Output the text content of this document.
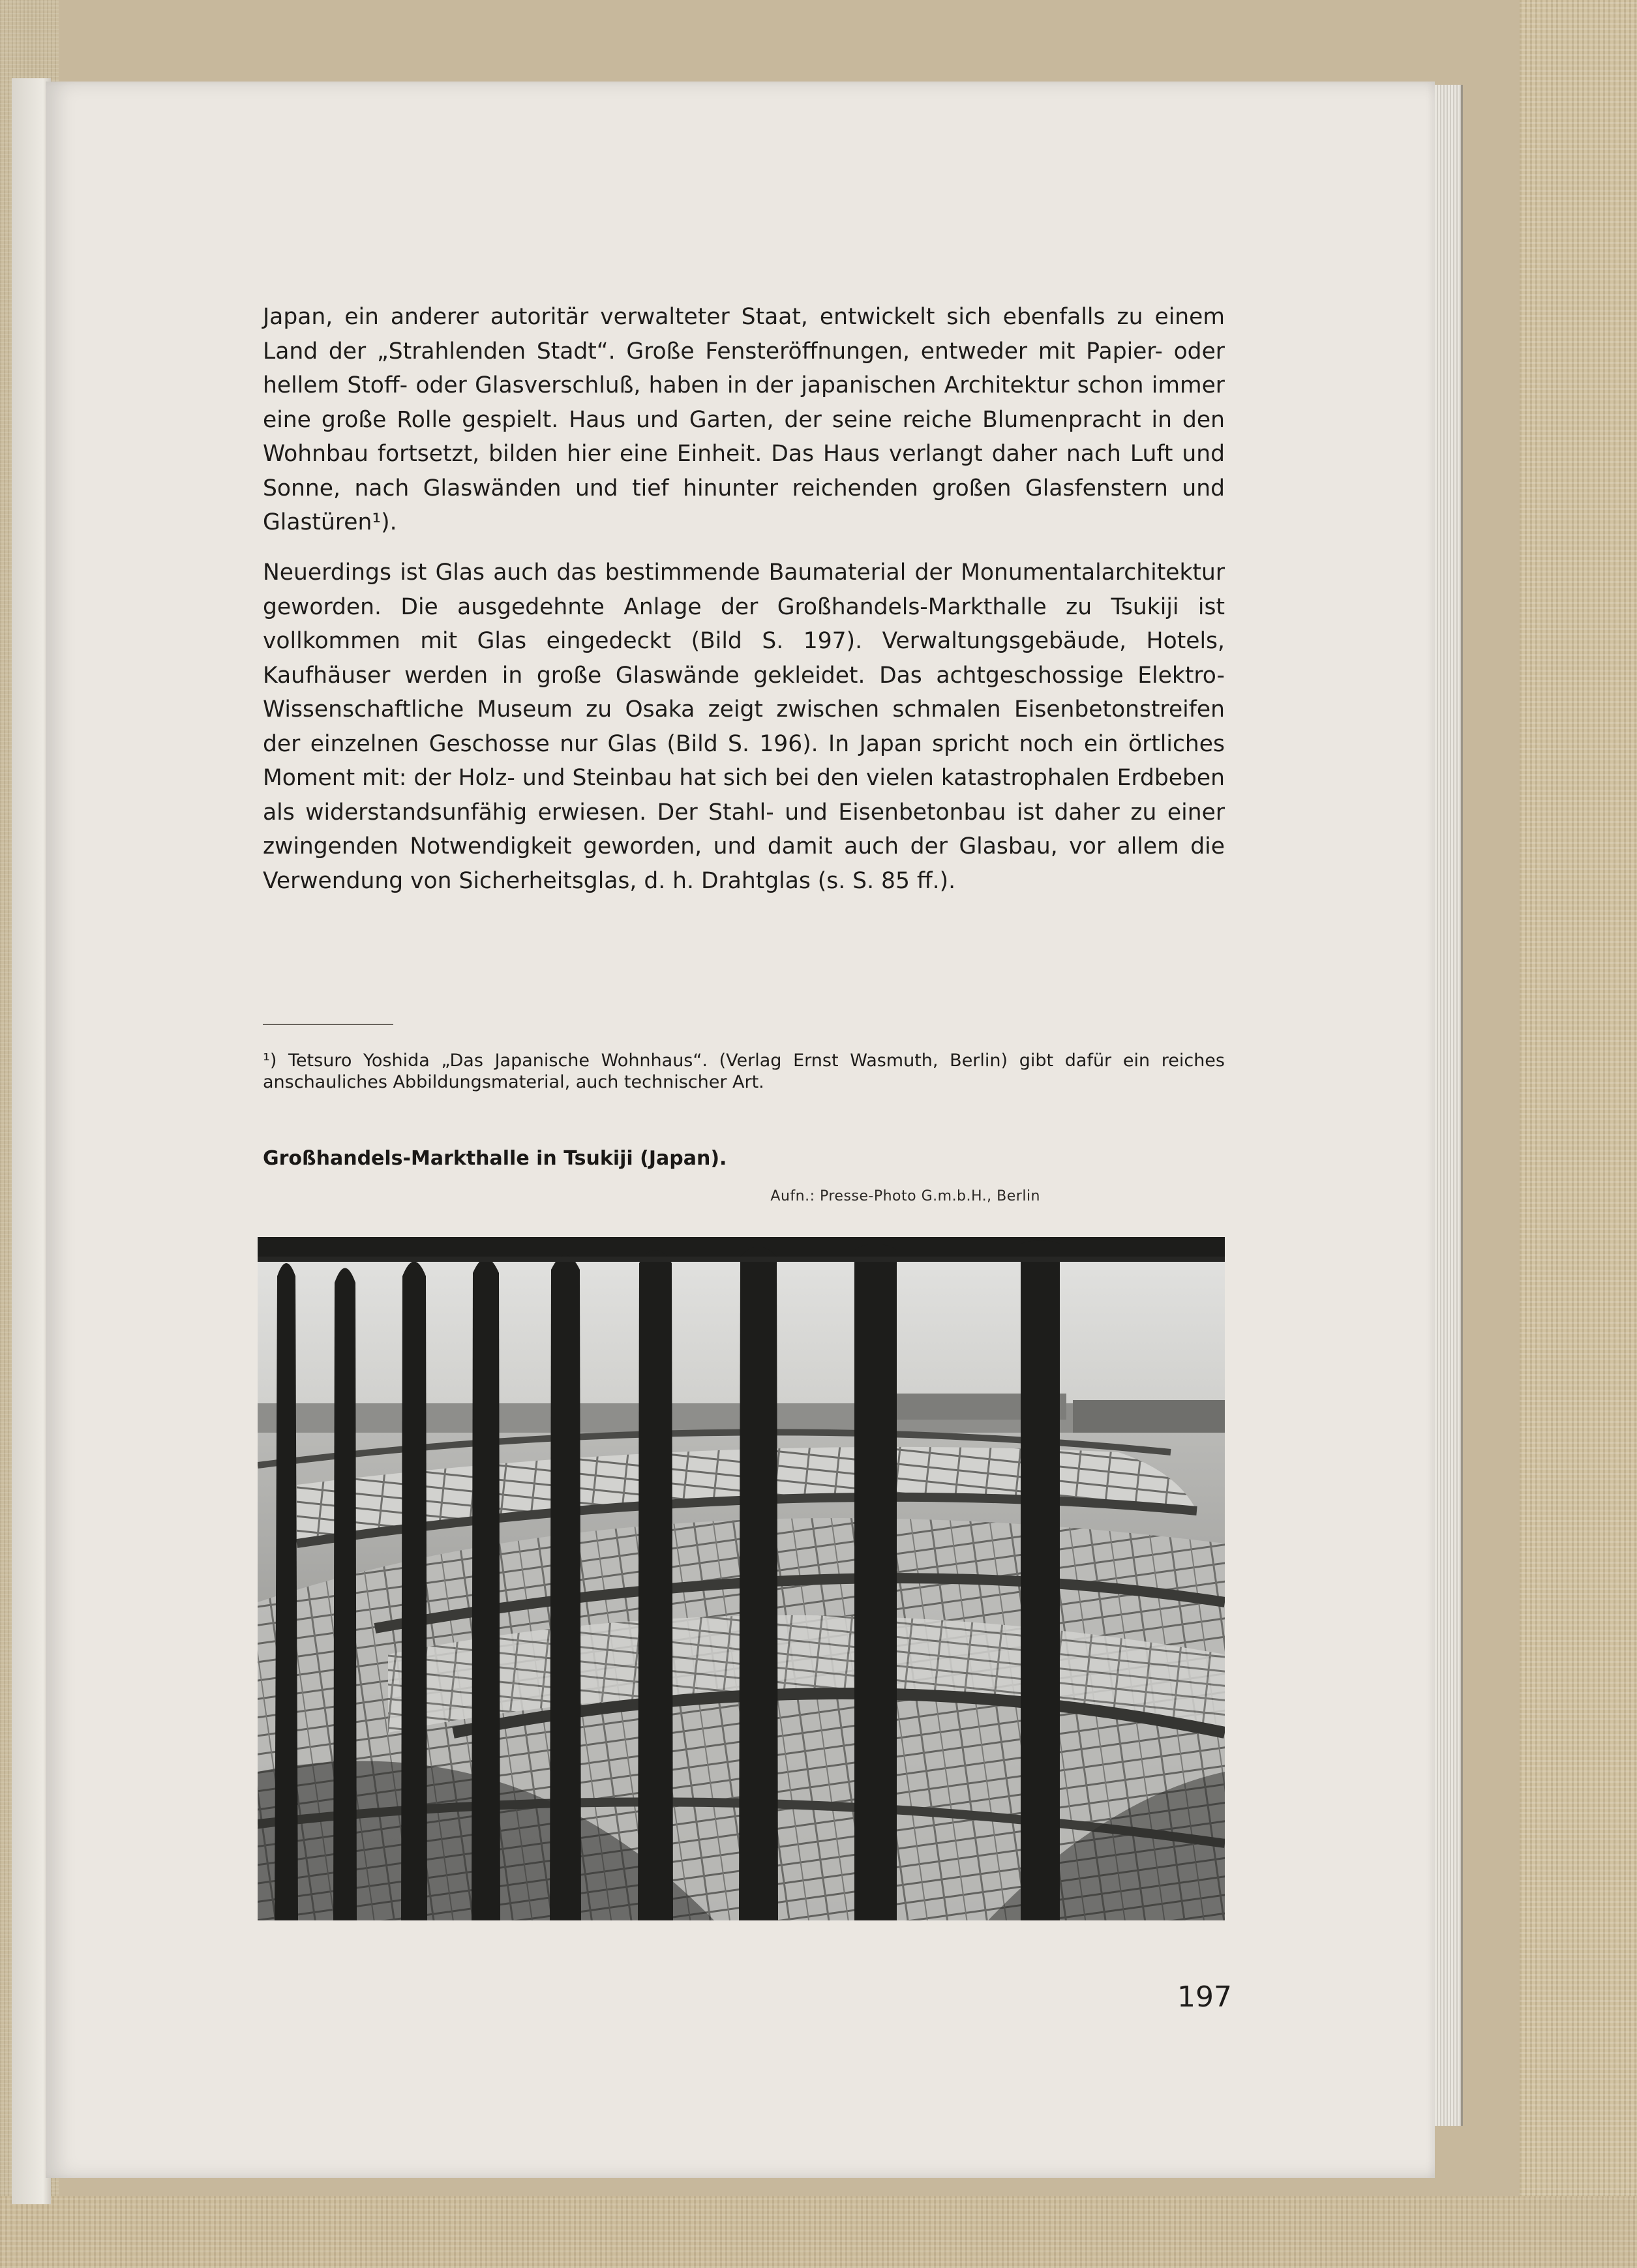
Japan, ein anderer autoritär verwalteter Staat, entwickelt sich ebenfalls zu einem Land der „Strahlenden Stadt“. Große Fensteröffnungen, entweder mit Papier- oder hellem Stoff- oder Glasverschluß, haben in der japanischen Architektur schon immer eine große Rolle gespielt. Haus und Garten, der seine reiche Blumenpracht in den Wohnbau fortsetzt, bilden hier eine Einheit. Das Haus verlangt daher nach Luft und Sonne, nach Glaswänden und tief hinunter reichenden großen Glasfenstern und Glastüren¹).

Neuerdings ist Glas auch das bestimmende Baumaterial der Monumentalarchitektur geworden. Die ausgedehnte Anlage der Großhandels-Markthalle zu Tsukiji ist vollkommen mit Glas eingedeckt (Bild S. 197). Verwaltungsgebäude, Hotels, Kaufhäuser werden in große Glaswände gekleidet. Das achtgeschossige Elektro-Wissenschaftliche Museum zu Osaka zeigt zwischen schmalen Eisenbetonstreifen der einzelnen Geschosse nur Glas (Bild S. 196). In Japan spricht noch ein örtliches Moment mit: der Holz- und Steinbau hat sich bei den vielen katastrophalen Erdbeben als widerstandsunfähig erwiesen. Der Stahl- und Eisenbetonbau ist daher zu einer zwingenden Notwendigkeit geworden, und damit auch der Glasbau, vor allem die Verwendung von Sicherheitsglas, d. h. Drahtglas (s. S. 85 ff.).

¹) Tetsuro Yoshida „Das Japanische Wohnhaus“. (Verlag Ernst Wasmuth, Berlin) gibt dafür ein reiches anschauliches Abbildungsmaterial, auch technischer Art.

Großhandels-Markthalle in Tsukiji (Japan).
Aufn.: Presse-Photo G.m.b.H., Berlin
197
